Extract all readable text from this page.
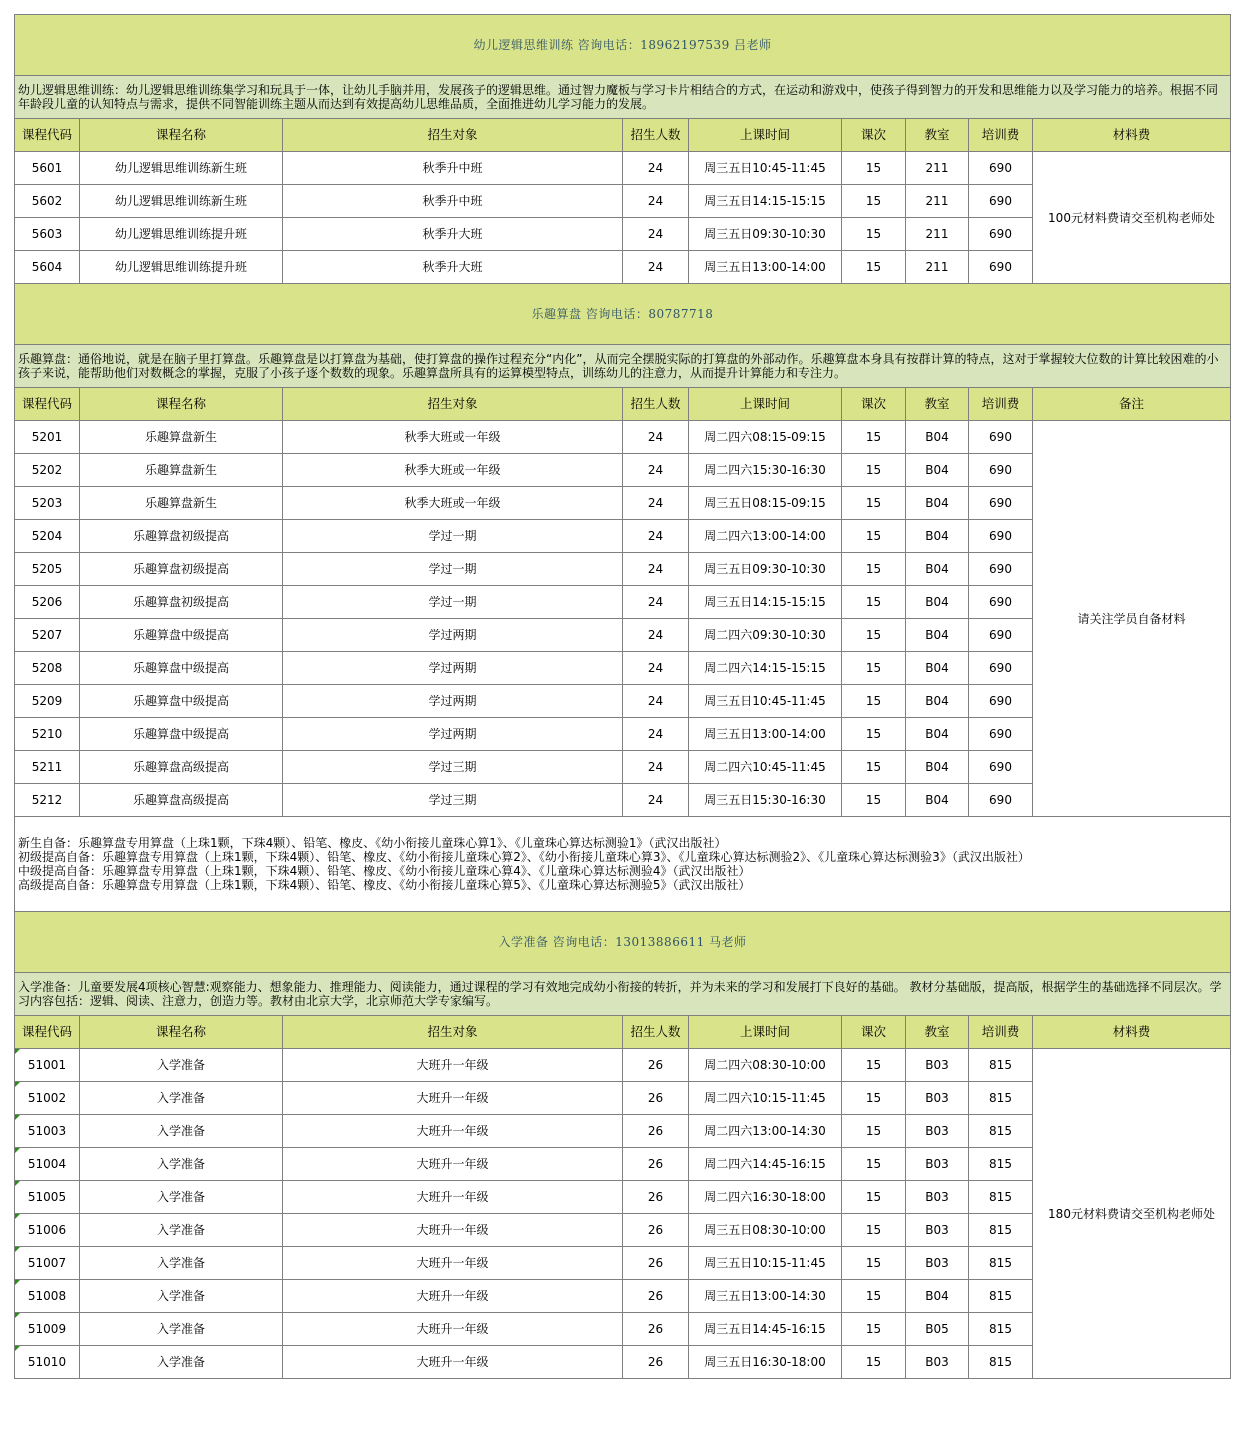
幼儿逻辑思维训练 咨询电话：18962197539 吕老师								
幼儿逻辑思维训练：幼儿逻辑思维训练集学习和玩具于一体，让幼儿手脑并用，发展孩子的逻辑思维。通过智力魔板与学习卡片相结合的方式，在运动和游戏中，使孩子得到智力的开发和思维能力以及学习能力的培养。根据不同年龄段儿童的认知特点与需求，提供不同智能训练主题从而达到有效提高幼儿思维品质，全面推进幼儿学习能力的发展。								
课程代码	课程名称	招生对象	招生人数	上课时间	课次	教室	培训费	材料费
5601	幼儿逻辑思维训练新生班	秋季升中班	24	周三五日10:45-11:45	15	211	690	100元材料费请交至机构老师处
5602	幼儿逻辑思维训练新生班	秋季升中班	24	周三五日14:15-15:15	15	211	690	
5603	幼儿逻辑思维训练提升班	秋季升大班	24	周三五日09:30-10:30	15	211	690	
5604	幼儿逻辑思维训练提升班	秋季升大班	24	周三五日13:00-14:00	15	211	690	
乐趣算盘 咨询电话：80787718								
乐趣算盘：通俗地说，就是在脑子里打算盘。乐趣算盘是以打算盘为基础，使打算盘的操作过程充分“内化”，从而完全摆脱实际的打算盘的外部动作。乐趣算盘本身具有按群计算的特点，这对于掌握较大位数的计算比较困难的小孩子来说，能帮助他们对数概念的掌握，克服了小孩子逐个数数的现象。乐趣算盘所具有的运算模型特点，训练幼儿的注意力，从而提升计算能力和专注力。								
课程代码	课程名称	招生对象	招生人数	上课时间	课次	教室	培训费	备注
5201	乐趣算盘新生	秋季大班或一年级	24	周二四六08:15-09:15	15	B04	690	请关注学员自备材料
5202	乐趣算盘新生	秋季大班或一年级	24	周二四六15:30-16:30	15	B04	690	
5203	乐趣算盘新生	秋季大班或一年级	24	周三五日08:15-09:15	15	B04	690	
5204	乐趣算盘初级提高	学过一期	24	周二四六13:00-14:00	15	B04	690	
5205	乐趣算盘初级提高	学过一期	24	周三五日09:30-10:30	15	B04	690	
5206	乐趣算盘初级提高	学过一期	24	周三五日14:15-15:15	15	B04	690	
5207	乐趣算盘中级提高	学过两期	24	周二四六09:30-10:30	15	B04	690	
5208	乐趣算盘中级提高	学过两期	24	周二四六14:15-15:15	15	B04	690	
5209	乐趣算盘中级提高	学过两期	24	周三五日10:45-11:45	15	B04	690	
5210	乐趣算盘中级提高	学过两期	24	周三五日13:00-14:00	15	B04	690	
5211	乐趣算盘高级提高	学过三期	24	周二四六10:45-11:45	15	B04	690	
5212	乐趣算盘高级提高	学过三期	24	周三五日15:30-16:30	15	B04	690	

新生自备：乐趣算盘专用算盘（上珠1颗，下珠4颗）、铅笔、橡皮、《幼小衔接儿童珠心算1》、《儿童珠心算达标测验1》（武汉出版社）
初级提高自备：乐趣算盘专用算盘（上珠1颗，下珠4颗）、铅笔、橡皮、《幼小衔接儿童珠心算2》、《幼小衔接儿童珠心算3》、《儿童珠心算达标测验2》、《儿童珠心算达标测验3》（武汉出版社）
中级提高自备：乐趣算盘专用算盘（上珠1颗，下珠4颗）、铅笔、橡皮、《幼小衔接儿童珠心算4》、《儿童珠心算达标测验4》（武汉出版社）
高级提高自备：乐趣算盘专用算盘（上珠1颗，下珠4颗）、铅笔、橡皮、《幼小衔接儿童珠心算5》、《儿童珠心算达标测验5》（武汉出版社）								

入学准备 咨询电话：13013886611 马老师								
入学准备：儿童要发展4项核心智慧:观察能力、想象能力、推理能力、阅读能力，通过课程的学习有效地完成幼小衔接的转折，并为未来的学习和发展打下良好的基础。 教材分基础版，提高版，根据学生的基础选择不同层次。学习内容包括：逻辑、阅读、注意力，创造力等。教材由北京大学，北京师范大学专家编写。								
课程代码	课程名称	招生对象	招生人数	上课时间	课次	教室	培训费	材料费
51001	入学准备	大班升一年级	26	周二四六08:30-10:00	15	B03	815	180元材料费请交至机构老师处
51002	入学准备	大班升一年级	26	周二四六10:15-11:45	15	B03	815	
51003	入学准备	大班升一年级	26	周二四六13:00-14:30	15	B03	815	
51004	入学准备	大班升一年级	26	周二四六14:45-16:15	15	B03	815	
51005	入学准备	大班升一年级	26	周二四六16:30-18:00	15	B03	815	
51006	入学准备	大班升一年级	26	周三五日08:30-10:00	15	B03	815	
51007	入学准备	大班升一年级	26	周三五日10:15-11:45	15	B03	815	
51008	入学准备	大班升一年级	26	周三五日13:00-14:30	15	B04	815	
51009	入学准备	大班升一年级	26	周三五日14:45-16:15	15	B05	815	
51010	入学准备	大班升一年级	26	周三五日16:30-18:00	15	B03	815	
